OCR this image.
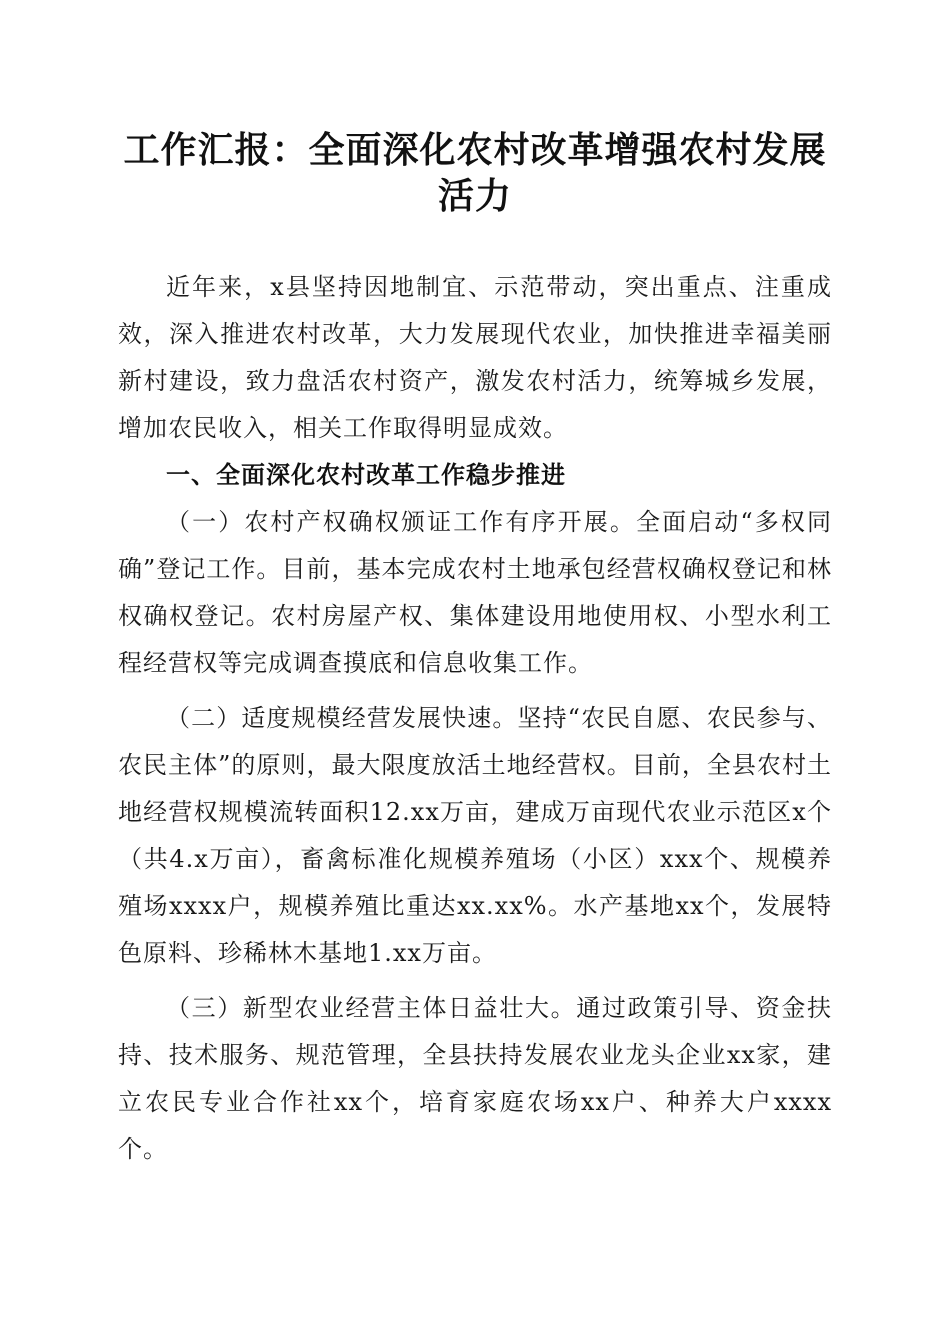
工作汇报：全面深化农村改革增强农村发展活力

近年来，x县坚持因地制宜、示范带动，突出重点、注重成效，深入推进农村改革，大力发展现代农业，加快推进幸福美丽新村建设，致力盘活农村资产，激发农村活力，统筹城乡发展，增加农民收入，相关工作取得明显成效。

一、全面深化农村改革工作稳步推进

（一）农村产权确权颁证工作有序开展。全面启动“多权同确”登记工作。目前，基本完成农村土地承包经营权确权登记和林权确权登记。农村房屋产权、集体建设用地使用权、小型水利工程经营权等完成调查摸底和信息收集工作。

（二）适度规模经营发展快速。坚持“农民自愿、农民参与、农民主体”的原则，最大限度放活土地经营权。目前，全县农村土地经营权规模流转面积12.xx万亩，建成万亩现代农业示范区x个（共4.x万亩），畜禽标准化规模养殖场（小区）xxx个、规模养殖场xxxx户，规模养殖比重达xx.xx%。水产基地xx个，发展特色原料、珍稀林木基地1.xx万亩。

（三）新型农业经营主体日益壮大。通过政策引导、资金扶持、技术服务、规范管理，全县扶持发展农业龙头企业xx家，建立农民专业合作社xx个，培育家庭农场xx户、种养大户xxxx个。
